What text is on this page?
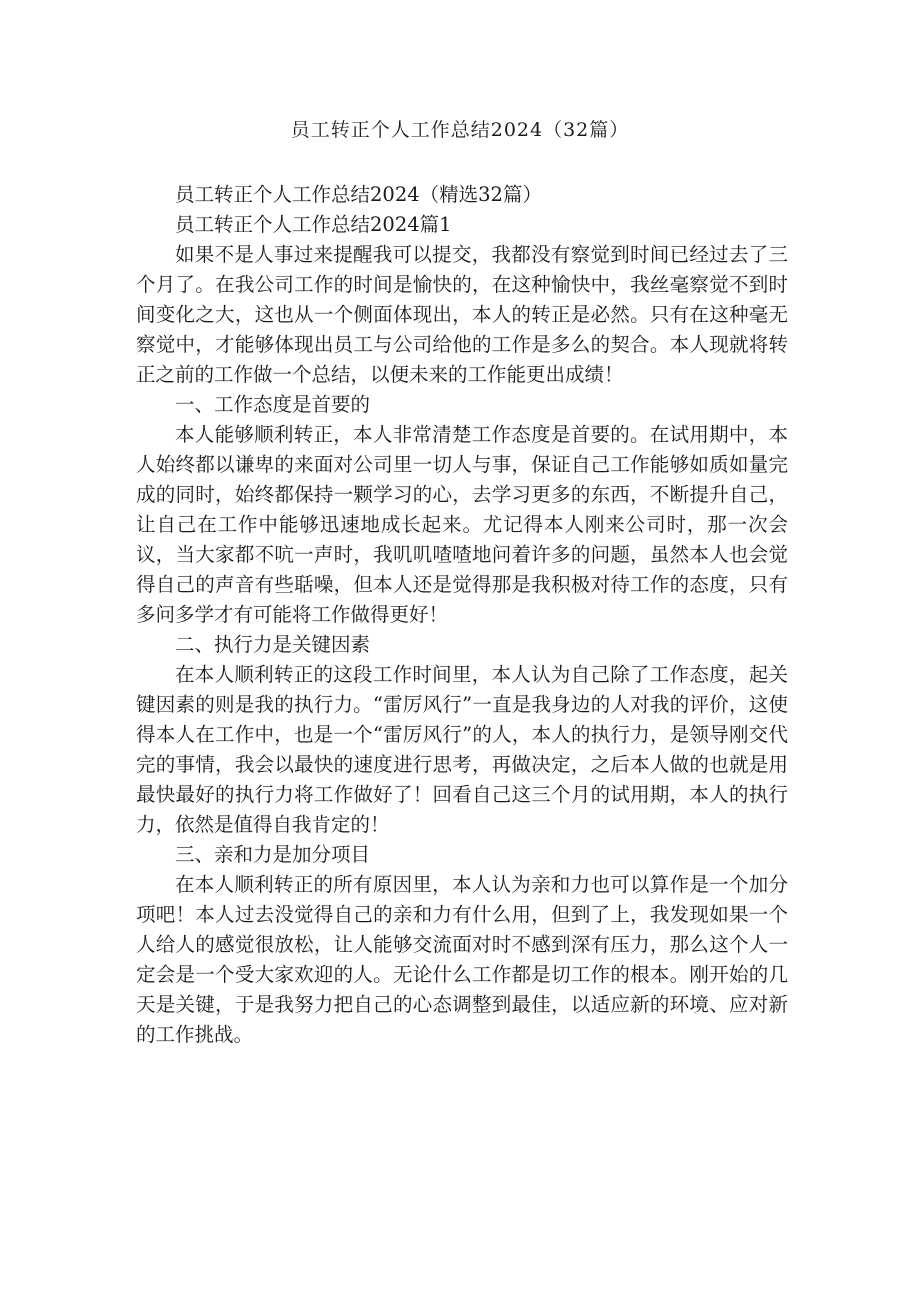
员工转正个人工作总结2024（32篇）

员工转正个人工作总结2024（精选32篇）

员工转正个人工作总结2024篇1

如果不是人事过来提醒我可以提交，我都没有察觉到时间已经过去了三个月了。在我公司工作的时间是愉快的，在这种愉快中，我丝毫察觉不到时间变化之大，这也从一个侧面体现出，本人的转正是必然。只有在这种毫无察觉中，才能够体现出员工与公司给他的工作是多么的契合。本人现就将转正之前的工作做一个总结，以便未来的工作能更出成绩！

一、工作态度是首要的

本人能够顺利转正，本人非常清楚工作态度是首要的。在试用期中，本人始终都以谦卑的来面对公司里一切人与事，保证自己工作能够如质如量完成的同时，始终都保持一颗学习的心，去学习更多的东西，不断提升自己，让自己在工作中能够迅速地成长起来。尤记得本人刚来公司时，那一次会议，当大家都不吭一声时，我叽叽喳喳地问着许多的问题，虽然本人也会觉得自己的声音有些聒噪，但本人还是觉得那是我积极对待工作的态度，只有多问多学才有可能将工作做得更好！

二、执行力是关键因素

在本人顺利转正的这段工作时间里，本人认为自己除了工作态度，起关键因素的则是我的执行力。“雷厉风行”一直是我身边的人对我的评价，这使得本人在工作中，也是一个“雷厉风行”的人，本人的执行力，是领导刚交代完的事情，我会以最快的速度进行思考，再做决定，之后本人做的也就是用最快最好的执行力将工作做好了！回看自己这三个月的试用期，本人的执行力，依然是值得自我肯定的！

三、亲和力是加分项目

在本人顺利转正的所有原因里，本人认为亲和力也可以算作是一个加分项吧！本人过去没觉得自己的亲和力有什么用，但到了上，我发现如果一个人给人的感觉很放松，让人能够交流面对时不感到深有压力，那么这个人一定会是一个受大家欢迎的人。无论什么工作都是切工作的根本。刚开始的几天是关键，于是我努力把自己的心态调整到最佳，以适应新的环境、应对新的工作挑战。
